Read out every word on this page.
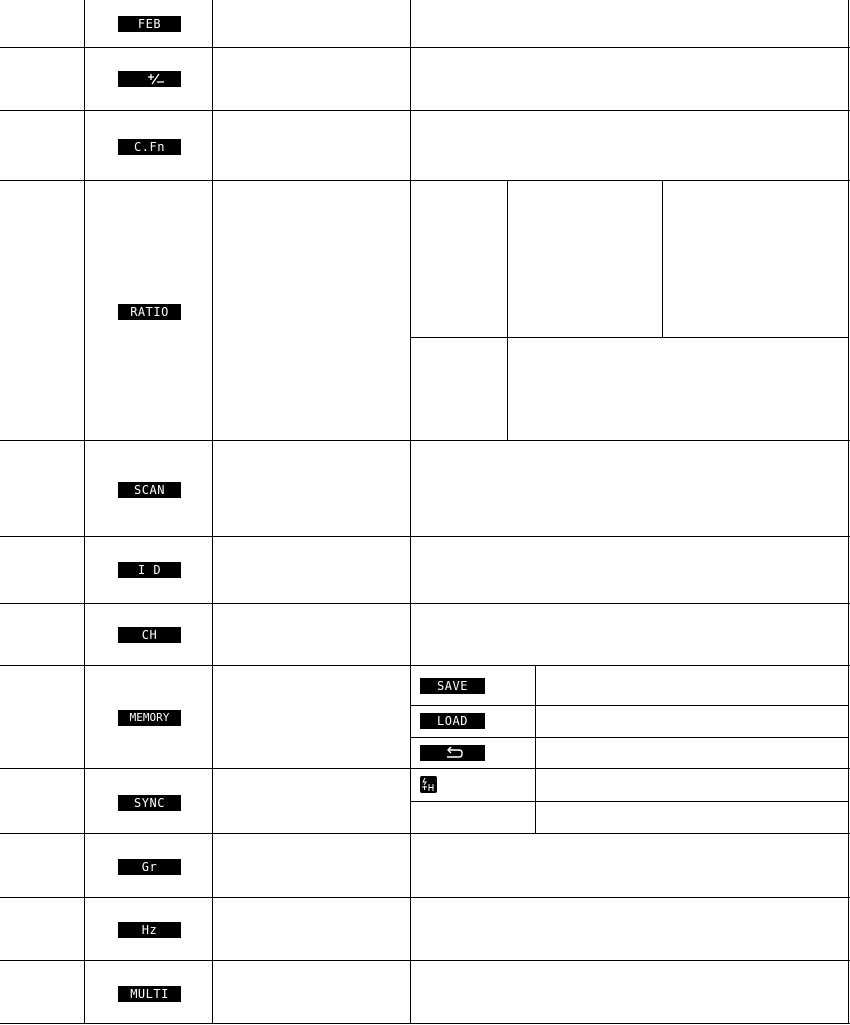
FEB
C.Fn
RATIO
SCAN
I D
CH
MEMORY
SYNC
Gr
Hz
MULTI
SAVE
LOAD
